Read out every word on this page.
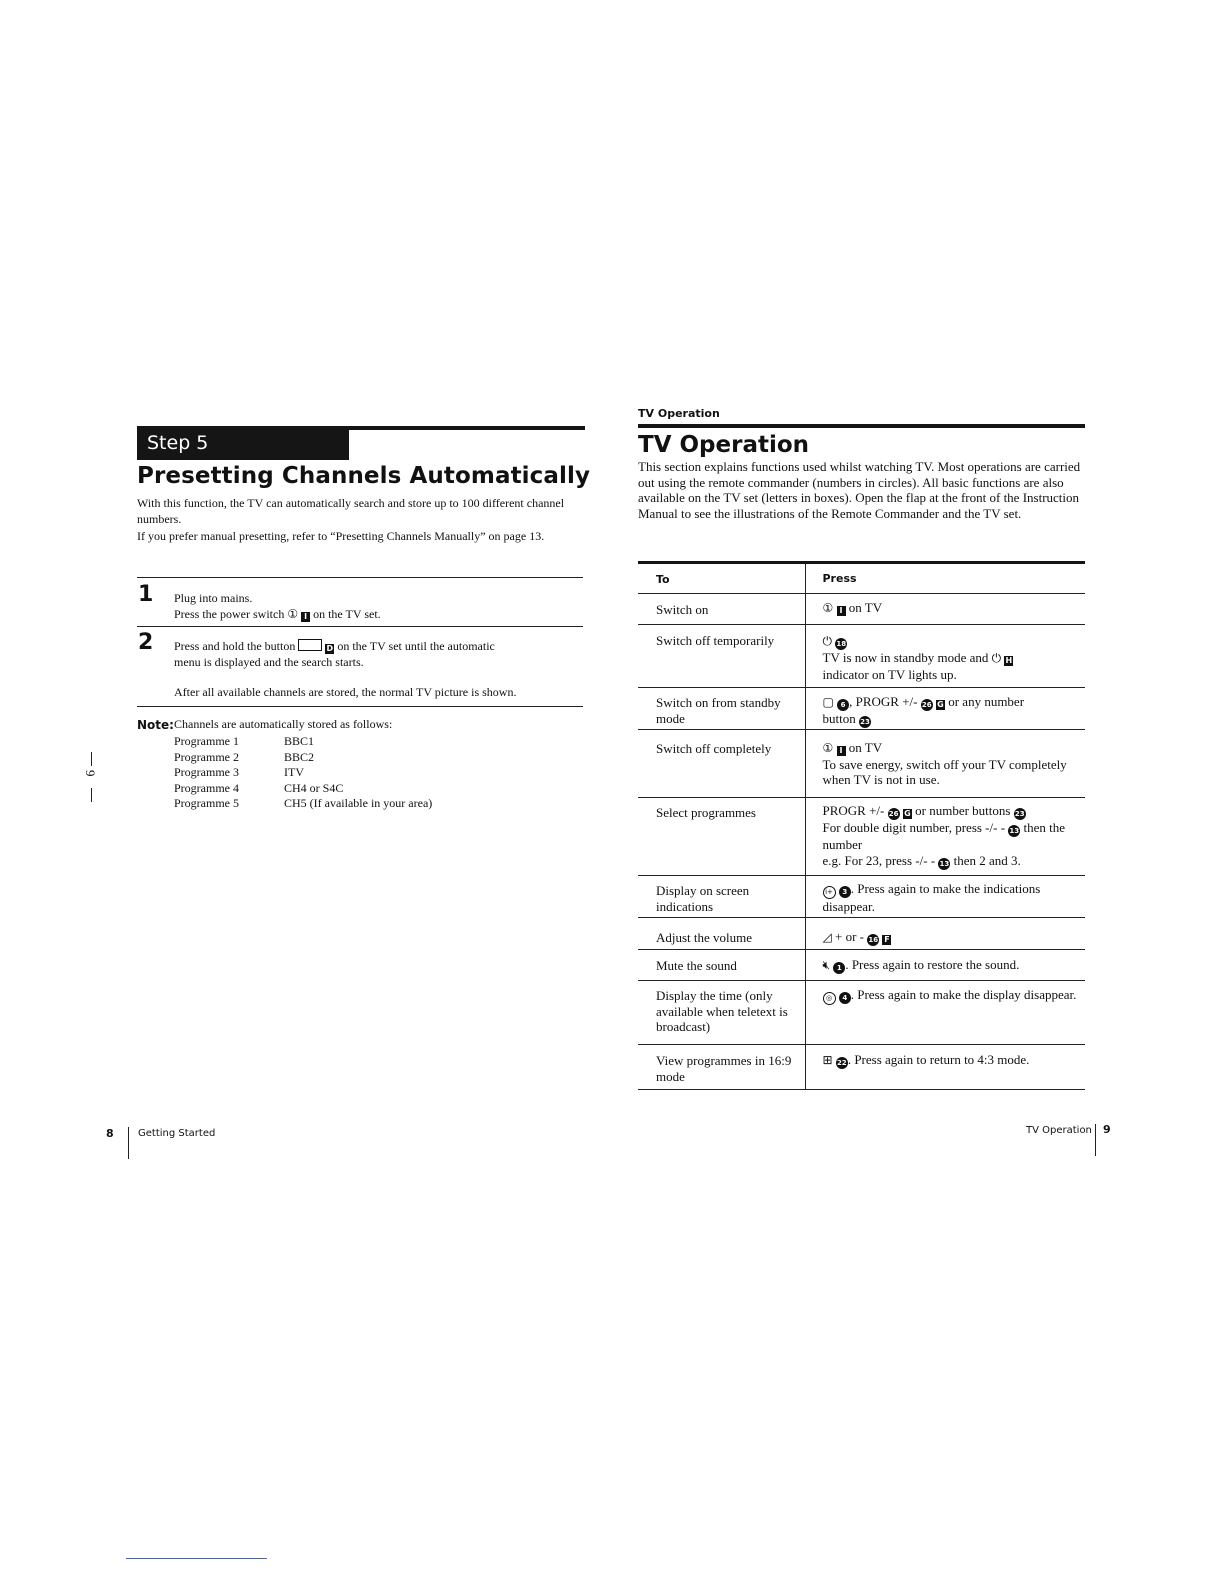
Step 5
Presetting Channels Automatically

With this function, the TV can automatically search and store up to 100 different channel numbers.

If you prefer manual presetting, refer to “Presetting Channels Manually” on page 13.

1 Plug into mains.
Press the power switch ① I on the TV set.
2 Press and hold the button	D on the TV set until the automatic
menu is displayed and the search starts.
After all available channels are stored, the normal TV picture is shown.
Note: Channels are automatically stored as follows:
Programme 1	BBC1
Programme 2	BBC2
Programme 3	ITV
Programme 4	CH4 or S4C
Programme 5	CH5 (If available in your area)
9
8 Getting Started
TV Operation
TV Operation
This section explains functions used whilst watching TV. Most operations are carried out using the remote commander (numbers in circles). All basic functions are also available on the TV set (letters in boxes). Open the flap at the front of the Instruction Manual to see the illustrations of the Remote Commander and the TV set.
To	Press

Switch on	① I on TV

Switch off temporarily	⏻ 18
TV is now in standby mode and ⏻ H
indicator on TV lights up.

Switch on from standby mode	▢ 6 , PROGR +/- 26 G or any number
button 23

Switch off completely	① I on TV
To save energy, switch off your TV completely when TV is not in use.

Select programmes	PROGR +/- 26 G or number buttons 23
For double digit number, press -/- - 13 then the number
e.g. For 23, press -/- - 13 then 2 and 3.

Display on screen indications	i+ 3 . Press again to make the indications disappear.

Adjust the volume	◿ + or - 16 F

Mute the sound	🔇︎ 1 . Press again to restore the sound.

Display the time (only available when teletext is broadcast)	◎ 4 . Press again to make the display disappear.

View programmes in 16:9 mode	⊞ 22. Press again to return to 4:3 mode.
TV Operation 9
